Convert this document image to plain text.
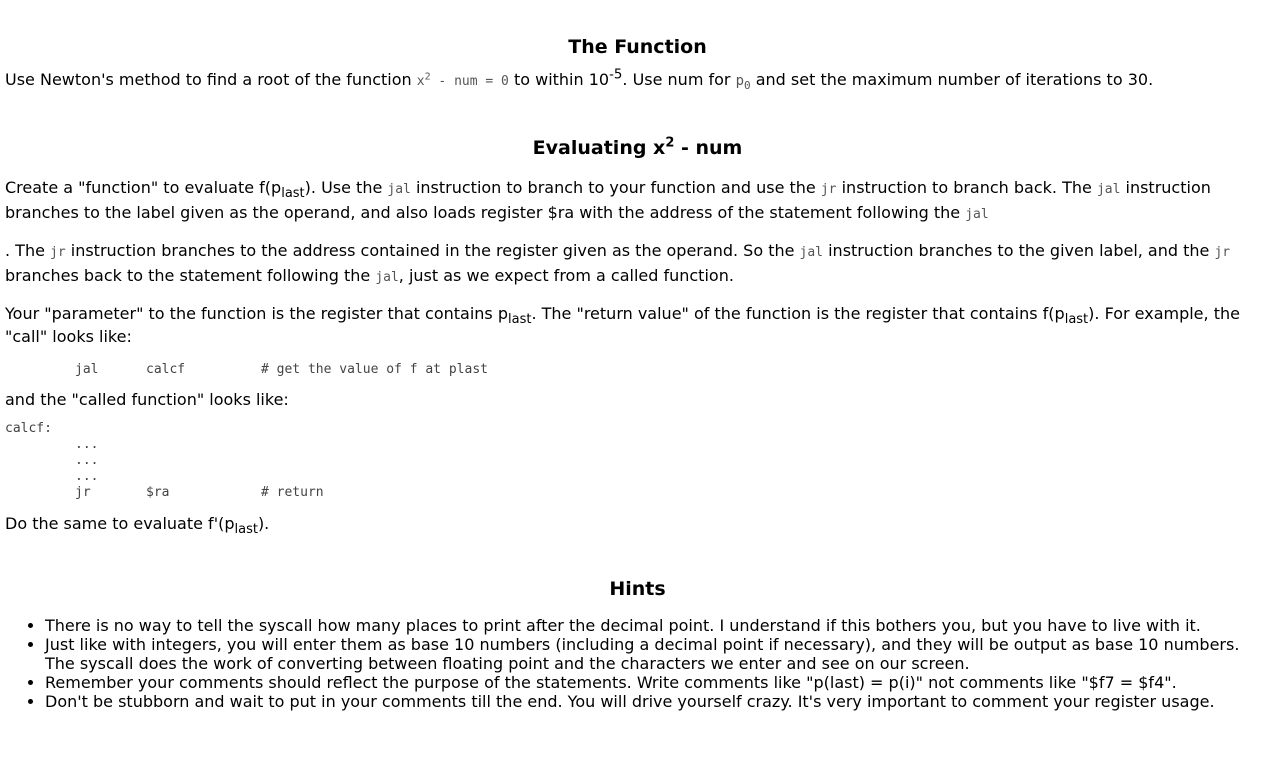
The Function

Use Newton's method to find a root of the function $x^2$ - num = 0 to within $10^{-5}$. Use num for $p_0$ and set the maximum number of iterations to 30.

Evaluating $x^2$ - num

Create a "function" to evaluate $f(p_{last})$. Use the jal instruction to branch to your function and use the jr instruction to branch back. The jal instruction branches to the label given as the operand, and also loads register $ra with the address of the statement following the jal

. The jr instruction branches to the address contained in the register given as the operand. So the jal instruction branches to the given label, and the jr branches back to the statement following the jal, just as we expect from a called function.

Your "parameter" to the function is the register that contains $p_{last}$. The "return value" of the function is the register that contains $f(p_{last})$. For example, the "call" looks like:

jal	calcf	# get the value of f at plast

and the "called function" looks like:

calcf:
...
...
...
jr	$ra	# return

Do the same to evaluate $f'(p_{last})$.

Hints
• There is no way to tell the syscall how many places to print after the decimal point. I understand if this bothers you, but you have to live with it.
• Just like with integers, you will enter them as base 10 numbers (including a decimal point if necessary), and they will be output as base 10 numbers. The syscall does the work of converting between floating point and the characters we enter and see on our screen.
• Remember your comments should reflect the purpose of the statements. Write comments like "p(last) = p(i)" not comments like "$f7 = $f4".
• Don't be stubborn and wait to put in your comments till the end. You will drive yourself crazy. It's very important to comment your register usage.
